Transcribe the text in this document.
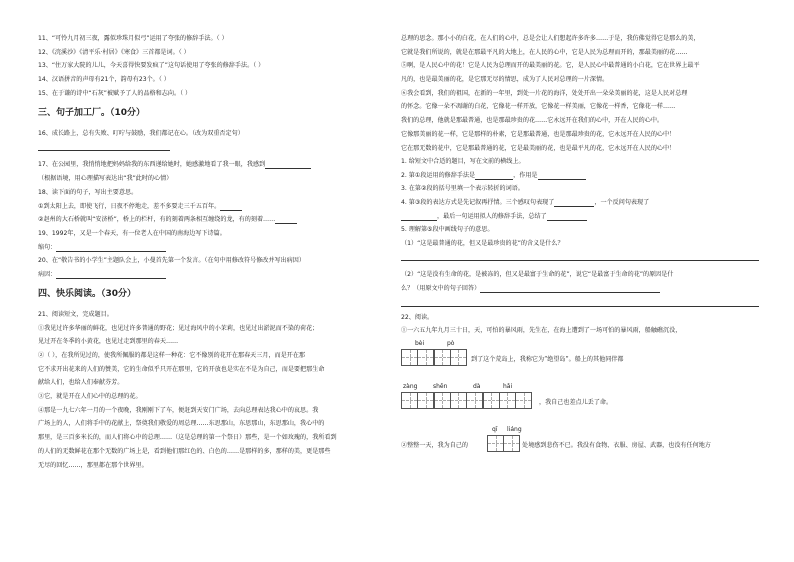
11、“可怜九月初三夜，露似珍珠月似弓”运用了夸张的修辞手法。（ ）
12、《浣溪沙》《清平乐·村居》《寒食》三首都是词。（ ）
13、“住万家大院的儿儿，今天喜得快要发疯了”这句话使用了夸张的修辞手法。（ ）
14、汉语拼音的声母有21个，韵母有23个。（ ）
15、在于谦的诗中“石灰”被赋予了人的品格和志向。（ ）
三、句子加工厂。（10分）
16、成长路上，总有失败、叮咛与鼓励，我们都记在心。（改为双重否定句）
17、在公园里，我悄悄地把妈妈给我的东西递给她时，她感激地看了我一眼，我感到
（根据语境，用心理描写表达出“我”此时的心情）
18、读下面的句子，写出主要意思。
①到太阳上去，即使飞行，日夜不停地走，差不多要走三千五百年。
②赵州的大石桥就叫“安济桥”，桥上的栏杆，有的刻着两条相互缠绕的龙，有的刻着……
19、1992年，又是一个春天，有一位老人在中国的南海边写下诗篇。
缩句：
20、在“敬告书的小学生”主题队会上，小曼首先第一个发言。（在句中用修改符号修改并写出病因）
病因：
四、快乐阅读。（30分）
21、阅读短文，完成题目。
①我见过许多华丽的鲜花，也见过许多普通的野花；见过海风中的小茉莉，也见过出淤泥而不染的荷花；
见过开在冬季的小黄花，也见过走到那里的春天……
②（ ），在我所见过的，使我所佩服的都是这样一种花：它不像别的花开在那春天三月，而是开在那
它不求开出花来的人们的赞美，它的生命似乎只开在那里，它的开放也是实在不是为自己，而是要把那生命
献给人们，也给人们奉献芬芳。
③它，就是开在人们心中的总理的花。
④那是一九七六年一月的一个夜晚，我刚刚下了车，便赶到天安门广场，去向总理表达我心中的哀思。我
广场上的人，人们将手中的花献上，祭奠我们敬爱的周总理……东思那山，东思那山，东思那山，我心中的
那里，是三百多米长的，而人们将心中的总理……（这是总理的第一个祭日）那些，是一个如玫瑰的，我所看到
的人们的无数鲜花在那个无数的广场上是，看到他们那红色的、白色的……是那样的多，那样的美，更是那些
无尽的回忆……，那里都在那个世界里。
总理的思念。那小小的白花，在人们的心中，总是会让人们想起许多许多……于是，我仿佛觉得它是那么的美，
它就是我们所说的，就是在那最平凡的大地上，在人民的心中，它是人民为总理而开的，那最美丽的花……
⑤啊，是人民心中的花！它是人民为总理而开的最美丽的花。它，是人民心中最普通的小白花，它在世界上最平
凡的，也是最美丽的花，是它那无尽的情思，成为了人民对总理的一片深情。
⑥我会看到，我们的祖国，在新的一年里，到处一片花的海洋，处处开出一朵朵美丽的花，这是人民对总理
的怀念。它像一朵不凋谢的白花，它像花一样开放，它像花一样美丽，它像花一样香，它像花一样……
我们的总理，他就是那最普通，也是那最珍贵的花……它永远开在我们的心中，开在人民的心中。
它像那美丽的花一样，它是那样的朴素，它是那最普通，也是那最珍贵的花，它永远开在人民的心中！
它在那无数的花中，它是那最普通的花，它是最美丽的花，也是最平凡的花，它永远开在人民的心中！
1. 给短文中合适的题目，写在文前的横线上。
2. 第①段运用的修辞手法是	，作用是
3. 在第②段的括号里填一个表示转折的词语。
4. 第③段的表达方式是先记叙再抒情。三个感叹句表现了	，一个反问句表现了
，最后一句运用拟人的修辞手法，总结了
5. 理解第⑤段中画线句子的意思。
（1）“这是最普通的花，但又是最珍贵的花”的含义是什么？
（2）“这是没有生命的花，是被冻的，但又是最富于生命的花”，说它“是最富于生命的花”的原因是什
么？（用原文中的句子回答）
22、阅读。
①一六五九年九月三十日，天，可怕的暴风雨，先生在，在海上遭到了一场可怕的暴风雨，船触礁沉没，
bèi	pò
到了这个荒岛上，我称它为“绝望岛”。船上的其他同伴都
zàng	shēn	dà	hǎi
，我自己也差点儿丢了命。
②整整一天，我为自己的
qī liáng
处境感到悲伤不已。我没有食物、衣服、房屋、武器，也没有任何地方
